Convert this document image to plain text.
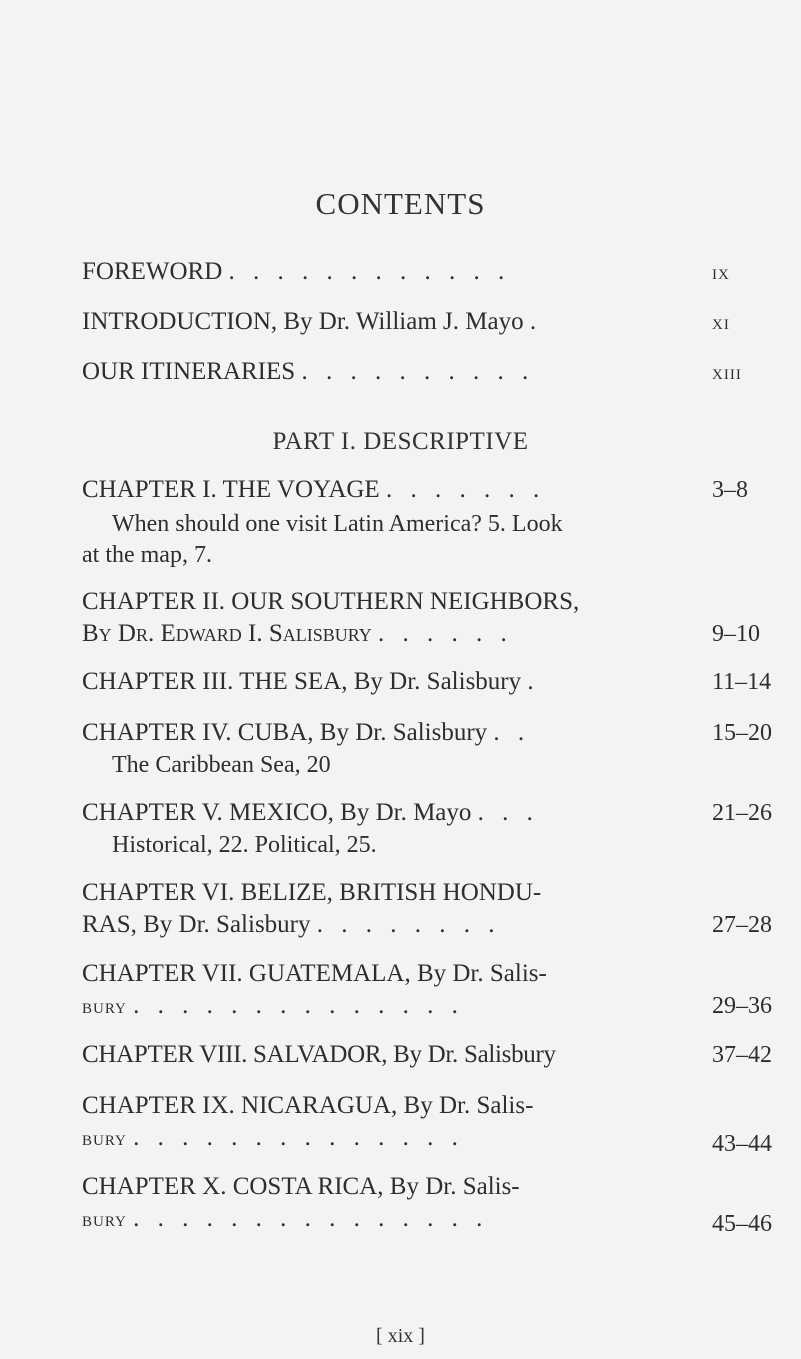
CONTENTS
FOREWORD . . . . . . . . . . . .	ix
INTRODUCTION, By Dr. William J. Mayo .	xi
OUR ITINERARIES . . . . . . . . . .	xiii
PART I. DESCRIPTIVE
CHAPTER I. THE VOYAGE . . . . . . .	3–8
When should one visit Latin America? 5. Look
at the map, 7.
CHAPTER II. OUR SOUTHERN NEIGHBORS,
By Dr. Edward I. Salisbury . . . . . .	9–10
CHAPTER III. THE SEA, By Dr. Salisbury .	11–14
CHAPTER IV. CUBA, By Dr. Salisbury . .	15–20
The Caribbean Sea, 20
CHAPTER V. MEXICO, By Dr. Mayo . . .	21–26
Historical, 22. Political, 25.
CHAPTER VI. BELIZE, BRITISH HONDU-
RAS, By Dr. Salisbury . . . . . . . .	27–28
CHAPTER VII. GUATEMALA, By Dr. Salis-
bury . . . . . . . . . . . . . .	29–36
CHAPTER VIII. SALVADOR, By Dr. Salisbury	37–42
CHAPTER IX. NICARAGUA, By Dr. Salis-
bury . . . . . . . . . . . . . .	43–44
CHAPTER X. COSTA RICA, By Dr. Salis-
bury . . . . . . . . . . . . . . .	45–46
[ xix ]
